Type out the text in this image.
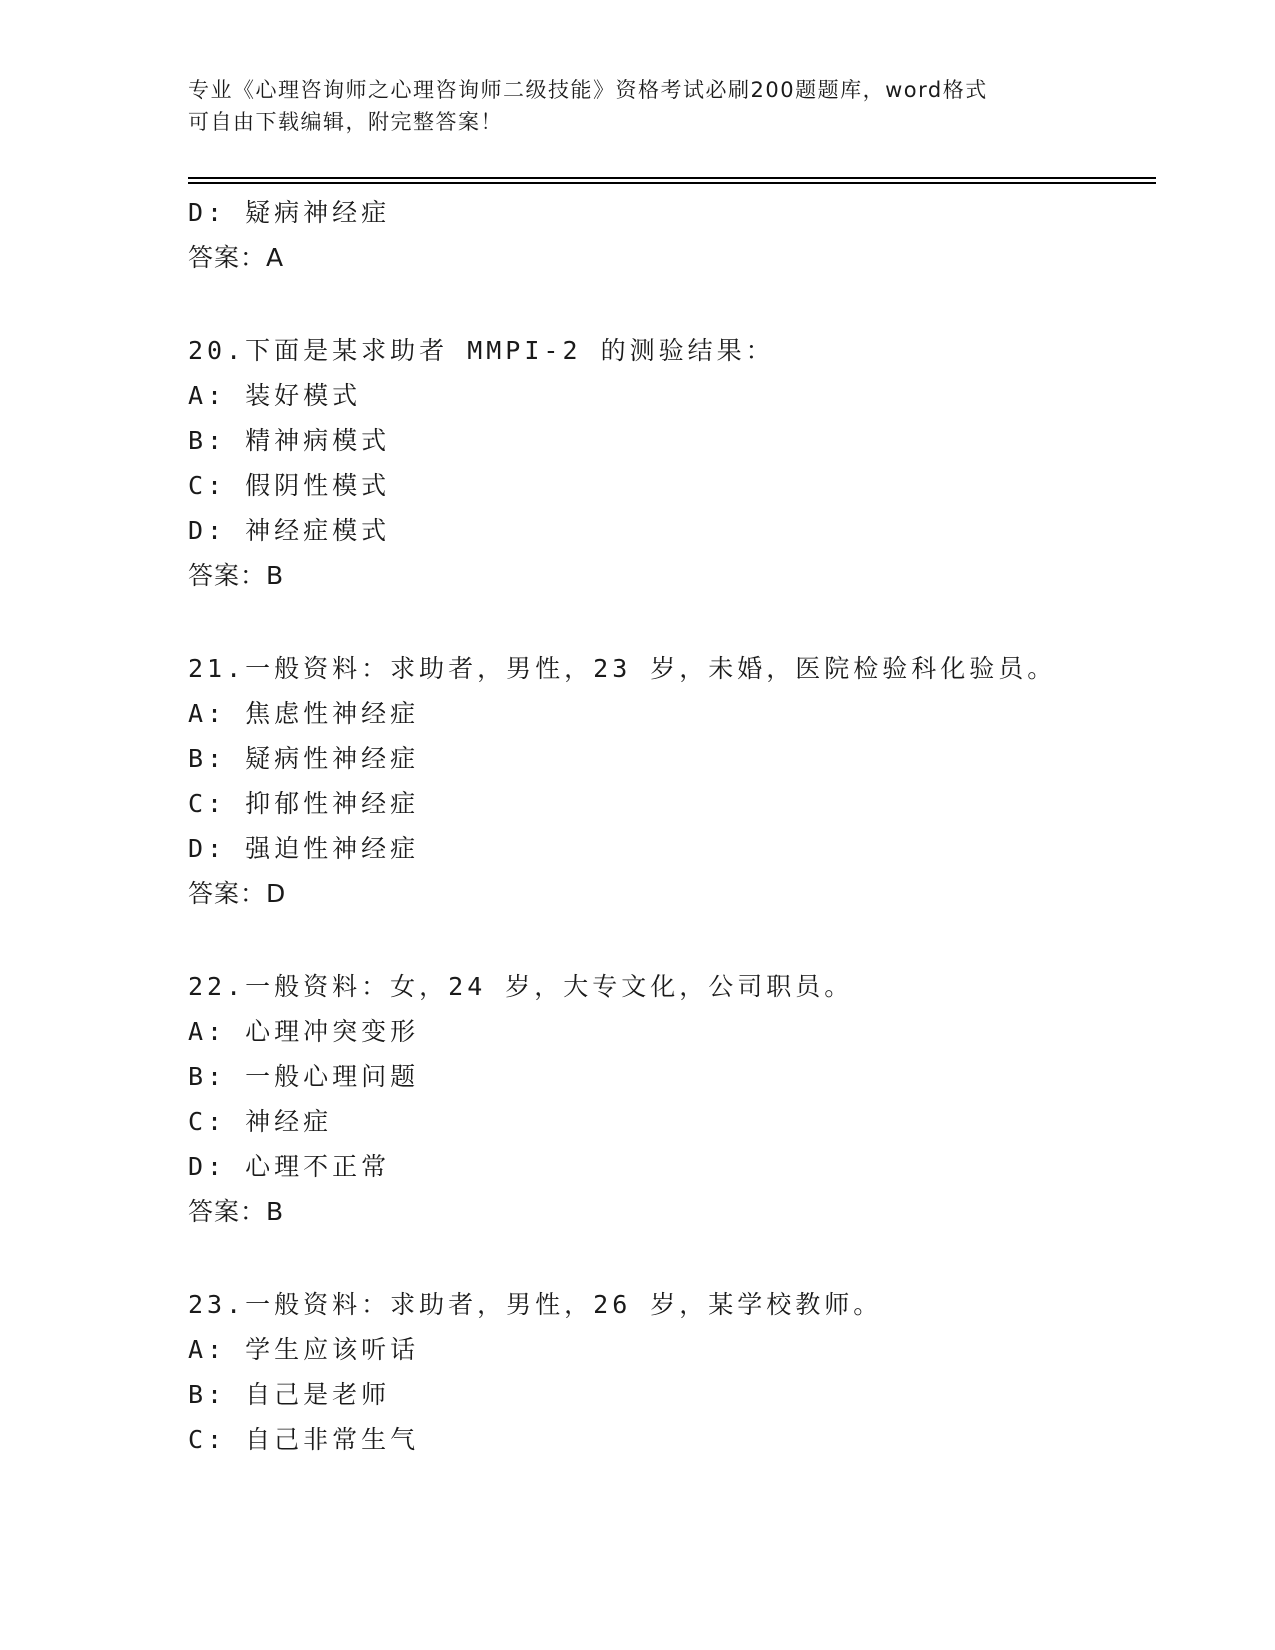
专业《心理咨询师之心理咨询师二级技能》资格考试必刷200题题库，word格式
可自由下载编辑，附完整答案！
D: 疑病神经症
答案：A
20.下面是某求助者 MMPI-2 的测验结果：
A: 装好模式
B: 精神病模式
C: 假阴性模式
D: 神经症模式
答案：B
21.一般资料：求助者，男性，23 岁，未婚，医院检验科化验员。
A: 焦虑性神经症
B: 疑病性神经症
C: 抑郁性神经症
D: 强迫性神经症
答案：D
22.一般资料：女，24 岁，大专文化，公司职员。
A: 心理冲突变形
B: 一般心理问题
C: 神经症
D: 心理不正常
答案：B
23.一般资料：求助者，男性，26 岁，某学校教师。
A: 学生应该听话
B: 自己是老师
C: 自己非常生气
